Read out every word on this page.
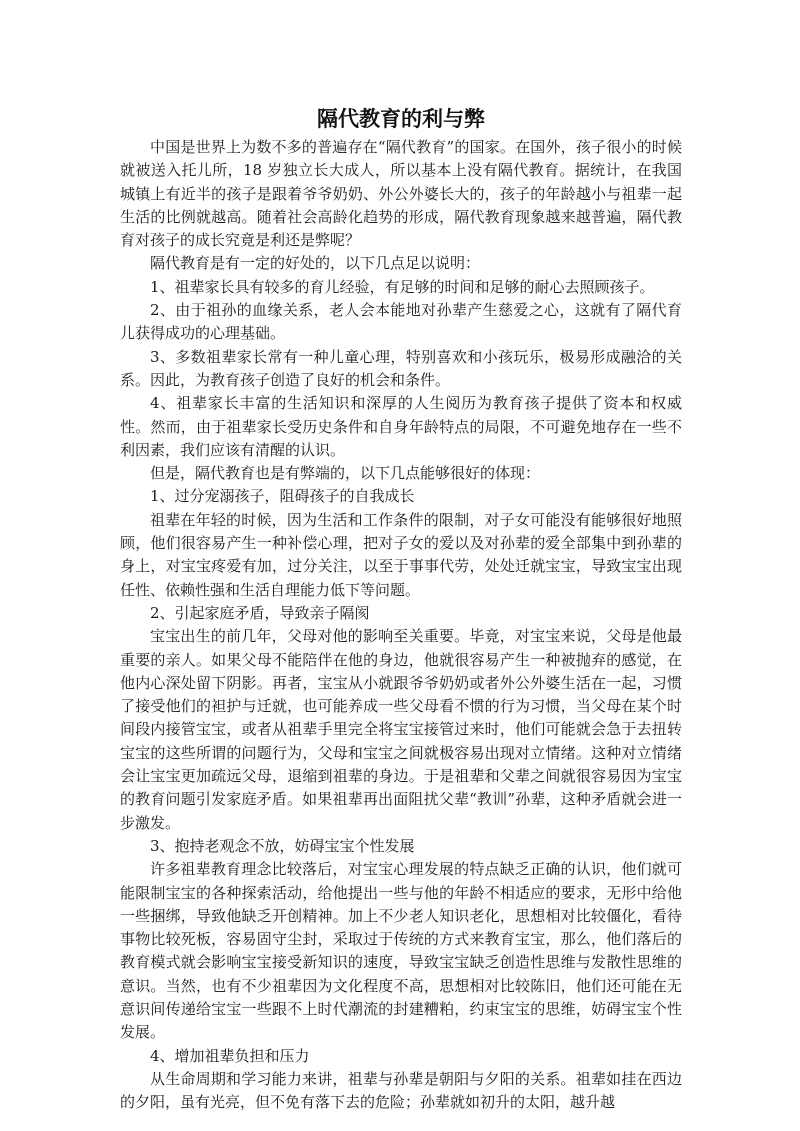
隔代教育的利与弊

中国是世界上为数不多的普遍存在“隔代教育”的国家。在国外，孩子很小的时候就被送入托儿所，18 岁独立长大成人，所以基本上没有隔代教育。据统计，在我国城镇上有近半的孩子是跟着爷爷奶奶、外公外婆长大的，孩子的年龄越小与祖辈一起生活的比例就越高。随着社会高龄化趋势的形成，隔代教育现象越来越普遍，隔代教育对孩子的成长究竟是利还是弊呢？

隔代教育是有一定的好处的，以下几点足以说明：

1、祖辈家长具有较多的育儿经验，有足够的时间和足够的耐心去照顾孩子。

2、由于祖孙的血缘关系，老人会本能地对孙辈产生慈爱之心，这就有了隔代育儿获得成功的心理基础。

3、多数祖辈家长常有一种儿童心理，特别喜欢和小孩玩乐，极易形成融洽的关系。因此，为教育孩子创造了良好的机会和条件。

4、祖辈家长丰富的生活知识和深厚的人生阅历为教育孩子提供了资本和权威性。然而，由于祖辈家长受历史条件和自身年龄特点的局限，不可避免地存在一些不利因素，我们应该有清醒的认识。

但是，隔代教育也是有弊端的，以下几点能够很好的体现：

1、过分宠溺孩子，阻碍孩子的自我成长

祖辈在年轻的时候，因为生活和工作条件的限制，对子女可能没有能够很好地照顾，他们很容易产生一种补偿心理，把对子女的爱以及对孙辈的爱全部集中到孙辈的身上，对宝宝疼爱有加，过分关注，以至于事事代劳，处处迁就宝宝，导致宝宝出现任性、依赖性强和生活自理能力低下等问题。

2、引起家庭矛盾，导致亲子隔阂

宝宝出生的前几年，父母对他的影响至关重要。毕竟，对宝宝来说，父母是他最重要的亲人。如果父母不能陪伴在他的身边，他就很容易产生一种被抛弃的感觉，在他内心深处留下阴影。再者，宝宝从小就跟爷爷奶奶或者外公外婆生活在一起，习惯了接受他们的袒护与迁就，也可能养成一些父母看不惯的行为习惯，当父母在某个时间段内接管宝宝，或者从祖辈手里完全将宝宝接管过来时，他们可能就会急于去扭转宝宝的这些所谓的问题行为，父母和宝宝之间就极容易出现对立情绪。这种对立情绪会让宝宝更加疏远父母，退缩到祖辈的身边。于是祖辈和父辈之间就很容易因为宝宝的教育问题引发家庭矛盾。如果祖辈再出面阻扰父辈“教训”孙辈，这种矛盾就会进一步激发。

3、抱持老观念不放，妨碍宝宝个性发展

许多祖辈教育理念比较落后，对宝宝心理发展的特点缺乏正确的认识，他们就可能限制宝宝的各种探索活动，给他提出一些与他的年龄不相适应的要求，无形中给他一些捆绑，导致他缺乏开创精神。加上不少老人知识老化，思想相对比较僵化，看待事物比较死板，容易固守尘封，采取过于传统的方式来教育宝宝，那么，他们落后的教育模式就会影响宝宝接受新知识的速度，导致宝宝缺乏创造性思维与发散性思维的意识。当然，也有不少祖辈因为文化程度不高，思想相对比较陈旧，他们还可能在无意识间传递给宝宝一些跟不上时代潮流的封建糟粕，约束宝宝的思维，妨碍宝宝个性发展。

4、增加祖辈负担和压力

从生命周期和学习能力来讲，祖辈与孙辈是朝阳与夕阳的关系。祖辈如挂在西边的夕阳，虽有光亮，但不免有落下去的危险；孙辈就如初升的太阳，越升越
